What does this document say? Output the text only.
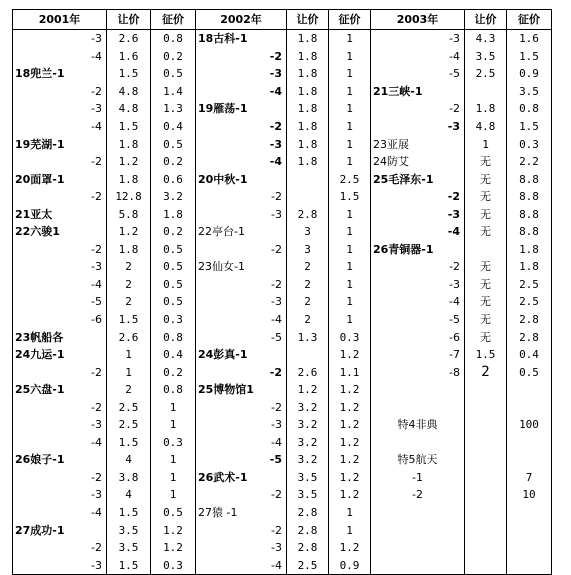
2001年	让价	征价	2002年	让价	征价	2003年	让价	征价
-3	2.6	0.8	18古科-1	1.8	1	-3	4.3	1.6
-4	1.6	0.2	-2	1.8	1	-4	3.5	1.5
18兜兰-1	1.5	0.5	-3	1.8	1	-5	2.5	0.9
-2	4.8	1.4	-4	1.8	1	21三峡-1		3.5
-3	4.8	1.3	19雁荡-1	1.8	1	-2	1.8	0.8
-4	1.5	0.4	-2	1.8	1	-3	4.8	1.5
19芜湖-1	1.8	0.5	-3	1.8	1	23亚展	1	0.3
-2	1.2	0.2	-4	1.8	1	24防艾	无	2.2
20面罩-1	1.8	0.6	20中秋-1		2.5	25毛泽东-1	无	8.8
-2	12.8	3.2	-2		1.5	-2	无	8.8
21亚太	5.8	1.8	-3	2.8	1	-3	无	8.8
22六骏1	1.2	0.2	22亭台-1	3	1	-4	无	8.8
-2	1.8	0.5	-2	3	1	26青铜器-1		1.8
-3	2	0.5	23仙女-1	2	1	-2	无	1.8
-4	2	0.5	-2	2	1	-3	无	2.5
-5	2	0.5	-3	2	1	-4	无	2.5
-6	1.5	0.3	-4	2	1	-5	无	2.8
23帆船各	2.6	0.8	-5	1.3	0.3	-6	无	2.8
24九运-1	1	0.4	24彭真-1		1.2	-7	1.5	0.4
-2	1	0.2	-2	2.6	1.1	-8	2	0.5
25六盘-1	2	0.8	25博物馆1	1.2	1.2			
-2	2.5	1	-2	3.2	1.2			
-3	2.5	1	-3	3.2	1.2	特4非典		100
-4	1.5	0.3	-4	3.2	1.2			
26娘子-1	4	1	-5	3.2	1.2	特5航天		
-2	3.8	1	26武术-1	3.5	1.2	-1		7
-3	4	1	-2	3.5	1.2	-2		10
-4	1.5	0.5	27猿 -1	2.8	1			
27成功-1	3.5	1.2	-2	2.8	1			
-2	3.5	1.2	-3	2.8	1.2			
-3	1.5	0.3	-4	2.5	0.9			
